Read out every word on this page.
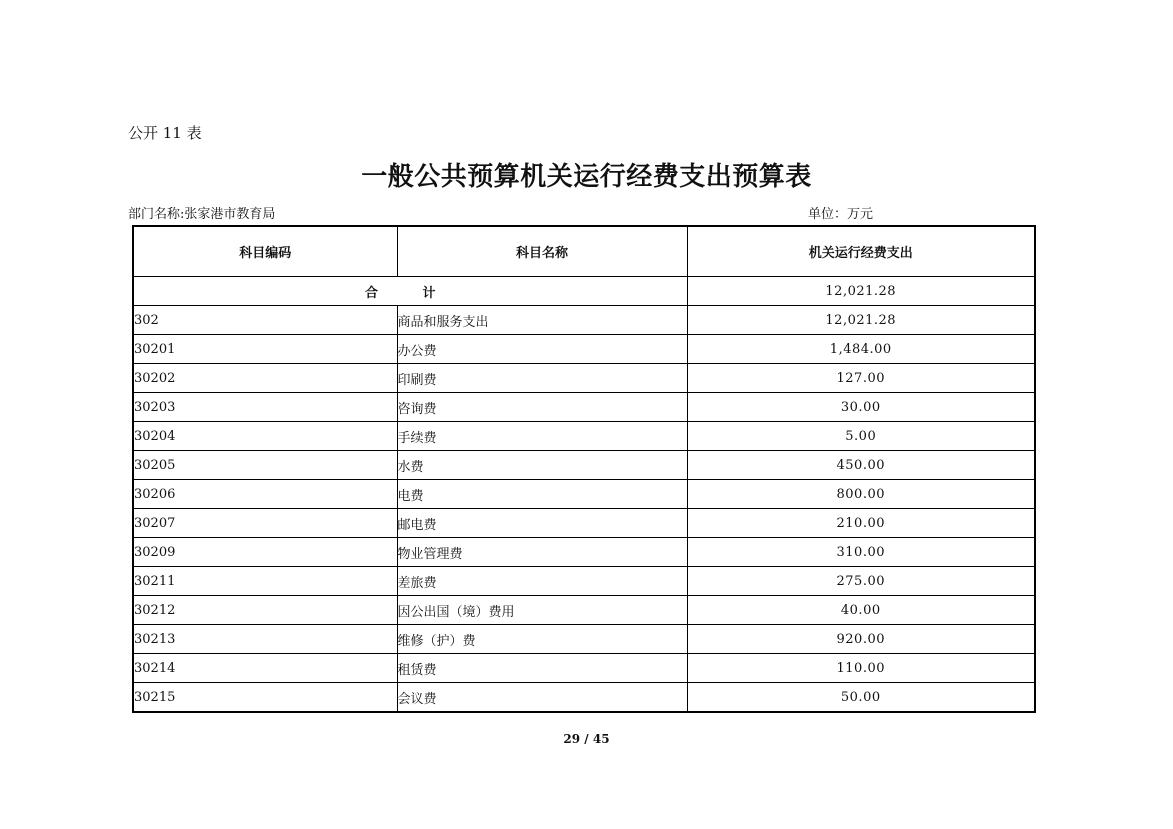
公开 11 表
一般公共预算机关运行经费支出预算表
部门名称:张家港市教育局	单位：万元
科目编码	科目名称	机关运行经费支出
合 计		12,021.28
302	商品和服务支出	12,021.28
30201	办公费	1,484.00
30202	印刷费	127.00
30203	咨询费	30.00
30204	手续费	5.00
30205	水费	450.00
30206	电费	800.00
30207	邮电费	210.00
30209	物业管理费	310.00
30211	差旅费	275.00
30212	因公出国（境）费用	40.00
30213	维修（护）费	920.00
30214	租赁费	110.00
30215	会议费	50.00
29 / 45
